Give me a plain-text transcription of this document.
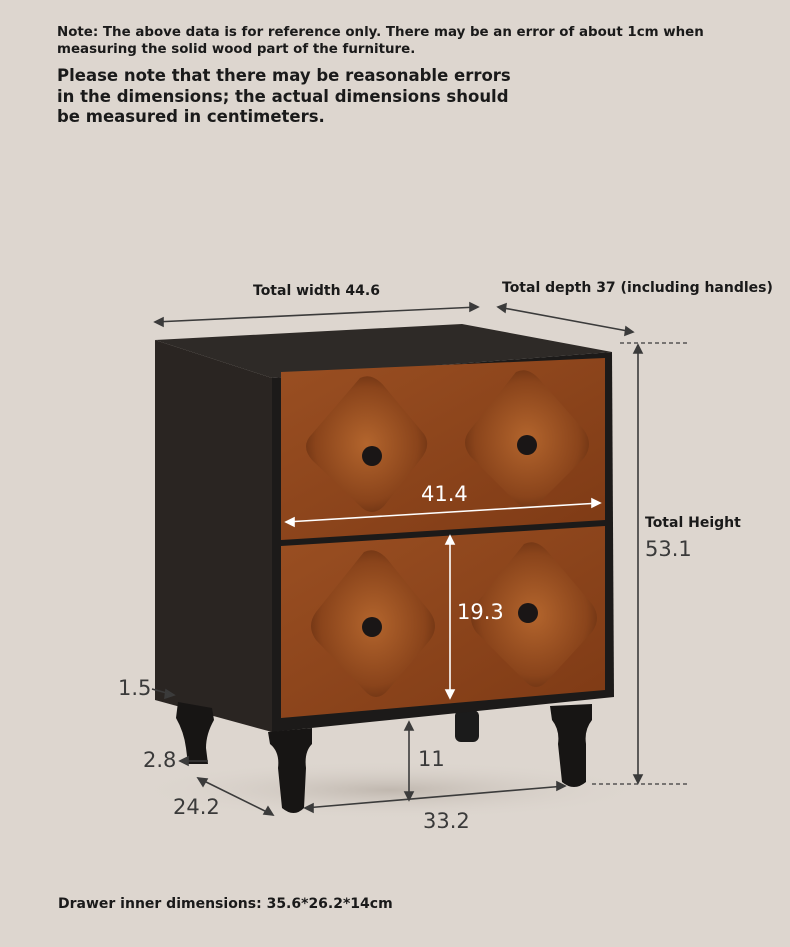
Note: The above data is for reference only. There may be an error of about 1cm when measuring the solid wood part of the furniture.
Please note that there may be reasonable errors in the dimensions; the actual dimensions should be measured in centimeters.
Total width 44.6	Total depth 37 (including handles)
Total Height
53.1
41.4
19.3
1.5
2.8	11
24.2
33.2
Drawer inner dimensions: 35.6*26.2*14cm
